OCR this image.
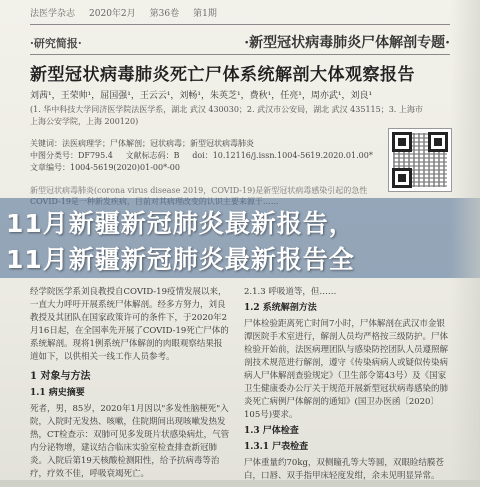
法医学杂志 2020年2月 第36卷 第1期
·研究简报·	·新型冠状病毒肺炎尸体解剖专题·
新型冠状病毒肺炎死亡尸体系统解剖大体观察报告
刘茜¹，王荣帅¹，屈国强¹，王云云¹，刘畅¹，朱英芝¹，费秋¹，任亮¹，周亦武¹，刘良¹
(1. 华中科技大学同济医学院法医学系，湖北 武汉 430030；2. 武汉市公安局，湖北 武汉 435115；3. 上海市
上海公安学院，上海 200120)
关键词：法医病理学；尸体解剖；冠状病毒；新型冠状病毒肺炎
中图分类号：DF795.4 文献标志码：B doi：10.12116/j.issn.1004-5619.2020.01.00*
文章编号：1004-5619(2020)01-00*-00
新型冠状病毒肺炎(corona virus disease 2019，COVID-19)是新型冠状病毒感染引起的急性
COVID-19是一种新发疾病，目前对其病理改变的认识主要来源于……

经学院医学系刘良教授自COVID-19疫情发展以来，一直大力呼吁开展系统尸体解剖。经多方努力，刘良教授及其团队在国家政策许可的条件下，于2020年2月16日起，在全国率先开展了COVID-19死亡尸体的系统解剖。现将1例系统尸体解剖的肉眼观察结果报道如下，以供相关一线工作人员参考。

1 对象与方法
1.1 病史摘要

死者，男，85岁，2020年1月因以"多发性脑梗死"入院，入院时无发热、咳嗽，住院期间出现咳嗽发热发热，CT检查示：双肺可见多发斑片状感染病灶，气管内分泌物增，建议结合临床实验室检查排查新冠肺炎。入院后第19天核酸检测阳性，给予抗病毒等治疗，疗效不佳，呼吸衰竭死亡。

2.1.3 呼吸道等，但……

1.2 系统解剖方法

尸体检验距离死亡时间7小时，尸体解剖在武汉市金银潭医院手术室进行，解剖人员均严格按三级防护。尸体检验开始前，法医病理团队与感染防控团队人员遵照解剖技术规范进行解剖，遵守《传染病病人或疑似传染病病人尸体解剖查验规定》（卫生部令第43号）及《国家卫生健康委办公厅关于规范开展新型冠状病毒感染的肺炎死亡病例尸体解剖的通知》(国卫办医函〔2020〕105号)要求。

1.3 尸体检查
1.3.1 尸表检查

尸体重量约70kg，双侧瞳孔等大等圆，双眼睑结膜苍白，口唇、双手指甲床轻度发绀，余未见明显异常。

11月新疆新冠肺炎最新报告，
11月新疆新冠肺炎最新报告全
